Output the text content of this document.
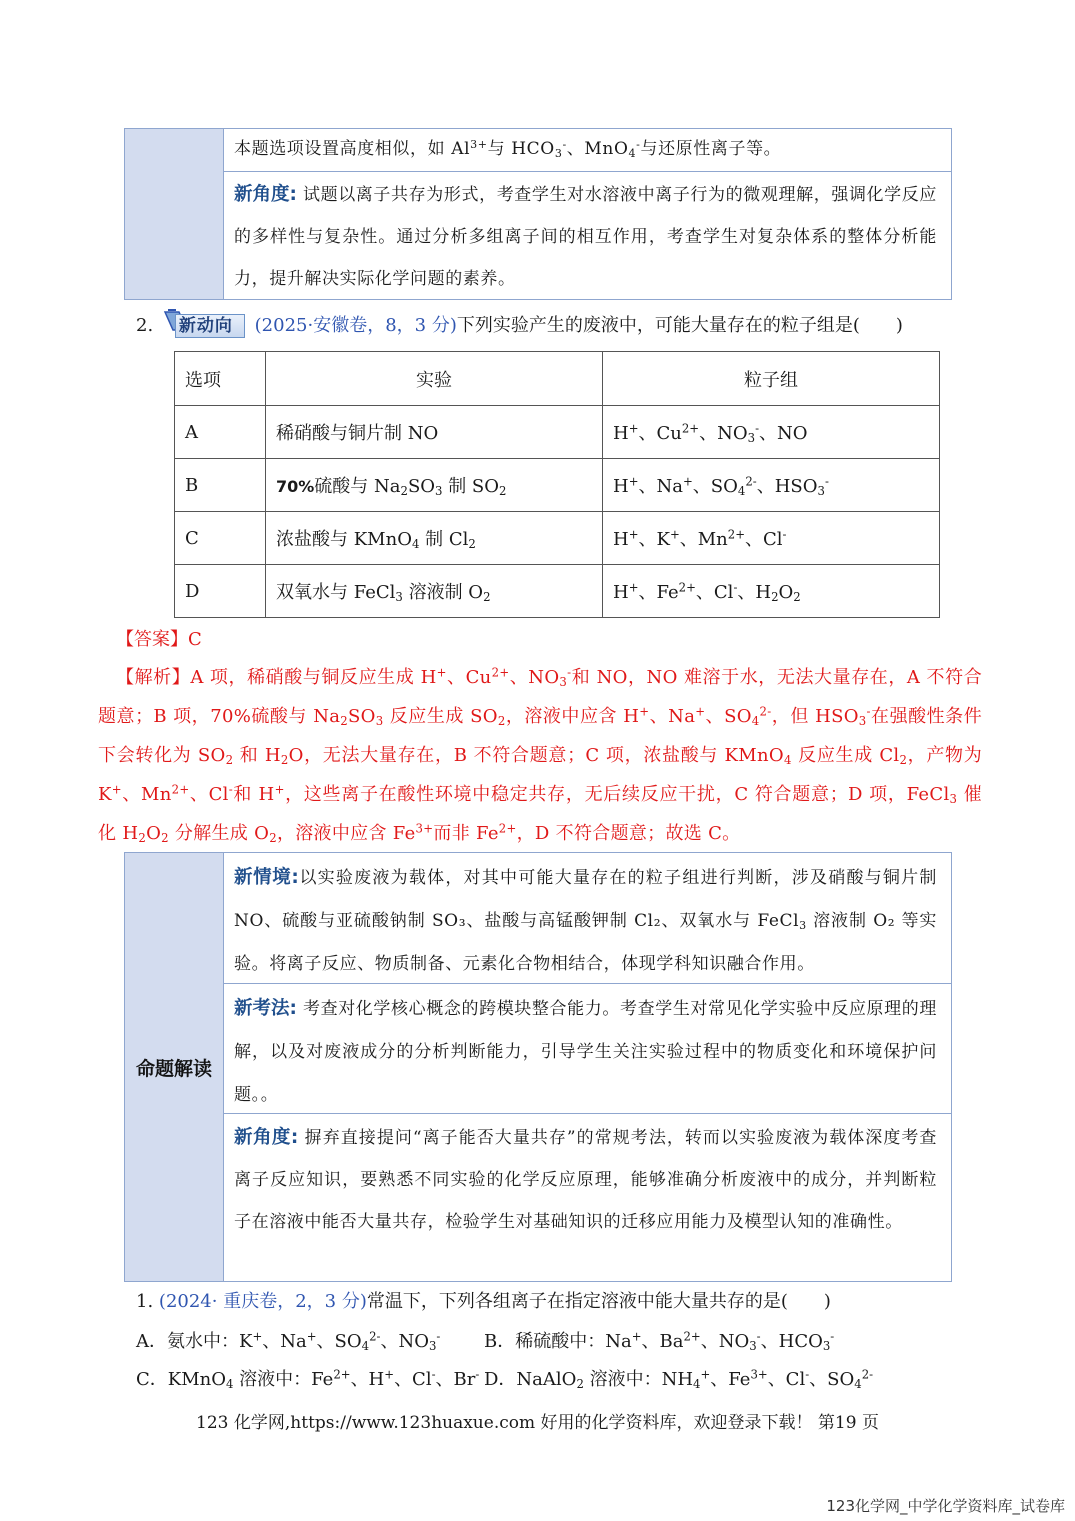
本题选项设置高度相似，如 $Al^{3+}$与 $HCO_3^-$、MnO$_4$-与还原性离子等。
新角度: 试题以离子共存为形式，考查学生对水溶液中离子行为的微观理解，强调化学反应的多样性与复杂性。通过分析多组离子间的相互作用，考查学生对复杂体系的整体分析能力，提升解决实际化学问题的素养。
2. 新动向 (2025·安徽卷，8，3 分)下列实验产生的废液中，可能大量存在的粒子组是(　　)
选项	实验	粒子组
A	稀硝酸与铜片制 NO	H+、$Cu^{2+}$、$NO_3^-$、NO
B	70%硫酸与 $Na_2SO_3$ 制 $SO_2$	H+、Na+、$SO_4^{2-}$、$HSO_3^-$
C	浓盐酸与 KMnO$_4$ 制 $Cl_2$	H+、K+、$Mn^{2+}$、Cl-
D	双氧水与 FeCl$_3$ 溶液制 $O_2$	H+、$Fe^{2+}$、Cl-、$H_2O_2$
【答案】C
【解析】A 项，稀硝酸与铜反应生成 H+、$Cu^{2+}$、$NO_3^-$和 NO，NO 难溶于水，无法大量存在，A 不符合题意；B 项，70%硫酸与 $Na_2SO_3$ 反应生成 $SO_2$，溶液中应含 H+、Na+、$SO_4^{2-}$，但 $HSO_3^-$在强酸性条件下会转化为 $SO_2$ 和 $H_2O$，无法大量存在，B 不符合题意；C 项，浓盐酸与 KMnO$_4$ 反应生成 $Cl_2$，产物为 K+、$Mn^{2+}$、Cl-和 H+，这些离子在酸性环境中稳定共存，无后续反应干扰，C 符合题意；D 项，FeCl$_3$ 催化 $H_2O_2$ 分解生成 $O_2$，溶液中应含 $Fe^{3+}$而非 $Fe^{2+}$，D 不符合题意；故选 C。
命题解读
新情境:以实验废液为载体，对其中可能大量存在的粒子组进行判断，涉及硝酸与铜片制 NO、硫酸与亚硫酸钠制 SO₃、盐酸与高锰酸钾制 Cl₂、双氧水与 FeCl$_3$ 溶液制 O₂ 等实验。将离子反应、物质制备、元素化合物相结合，体现学科知识融合作用。
新考法: 考查对化学核心概念的跨模块整合能力。考查学生对常见化学实验中反应原理的理解，以及对废液成分的分析判断能力，引导学生关注实验过程中的物质变化和环境保护问题。。
新角度: 摒弃直接提问“离子能否大量共存”的常规考法，转而以实验废液为载体深度考查离子反应知识，要熟悉不同实验的化学反应原理，能够准确分析废液中的成分，并判断粒子在溶液中能否大量共存，检验学生对基础知识的迁移应用能力及模型认知的准确性。
1. (2024· 重庆卷，2，3 分)常温下，下列各组离子在指定溶液中能大量共存的是(　　)
A．氨水中：K+、Na+、$SO_4^{2-}$、$NO_3^-$ B．稀硫酸中：Na+、$Ba^{2+}$、$NO_3^-$、$HCO_3^-$
C．KMnO$_4$ 溶液中：$Fe^{2+}$、H+、Cl-、Br- D．NaAlO$_2$ 溶液中：$NH_4^+$、$Fe^{3+}$、Cl-、$SO_4^{2-}$
123 化学网,https://www.123huaxue.com 好用的化学资料库，欢迎登录下载！ 第19 页
123化学网_中学化学资料库_试卷库
